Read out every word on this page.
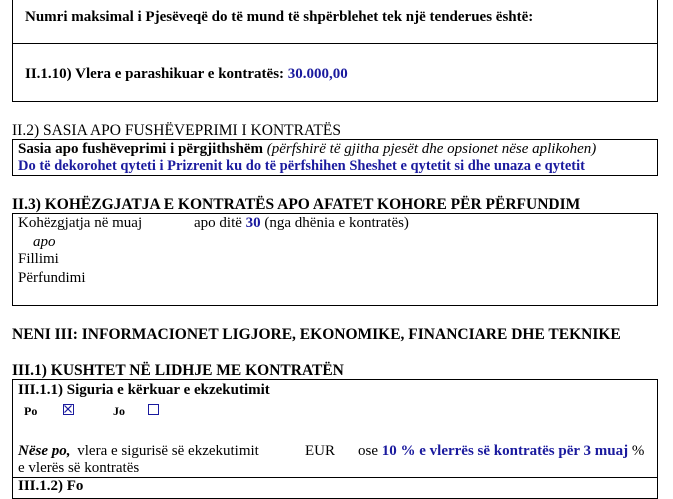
Numri maksimal i Pjesëveqë do të mund të shpërblehet tek një tenderues është:
II.1.10) Vlera e parashikuar e kontratës: 30.000,00
II.2) SASIA APO FUSHËVEPRIMI I KONTRATËS
Sasia apo fushëveprimi i përgjithshëm (përfshirë të gjitha pjesët dhe opsionet nëse aplikohen)
Do të dekorohet qyteti i Prizrenit ku do të përfshihen Sheshet e qytetit si dhe unaza e qytetit
II.3) KOHËZGJATJA E KONTRATËS APO AFATET KOHORE PËR PËRFUNDIM
Kohëzgjatja në muaj	apo ditë 30 (nga dhënia e kontratës)
apo
Fillimi
Përfundimi
NENI III: INFORMACIONET LIGJORE, EKONOMIKE, FINANCIARE DHE TEKNIKE
III.1) KUSHTET NË LIDHJE ME KONTRATËN
III.1.1) Siguria e kërkuar e ekzekutimit
Po	Jo
Nëse po, vlera e sigurisë së ekzekutimit	EUR ose 10 % e vlerrës së kontratës për 3 muaj %
e vlerës së kontratës
III.1.2) Fo
